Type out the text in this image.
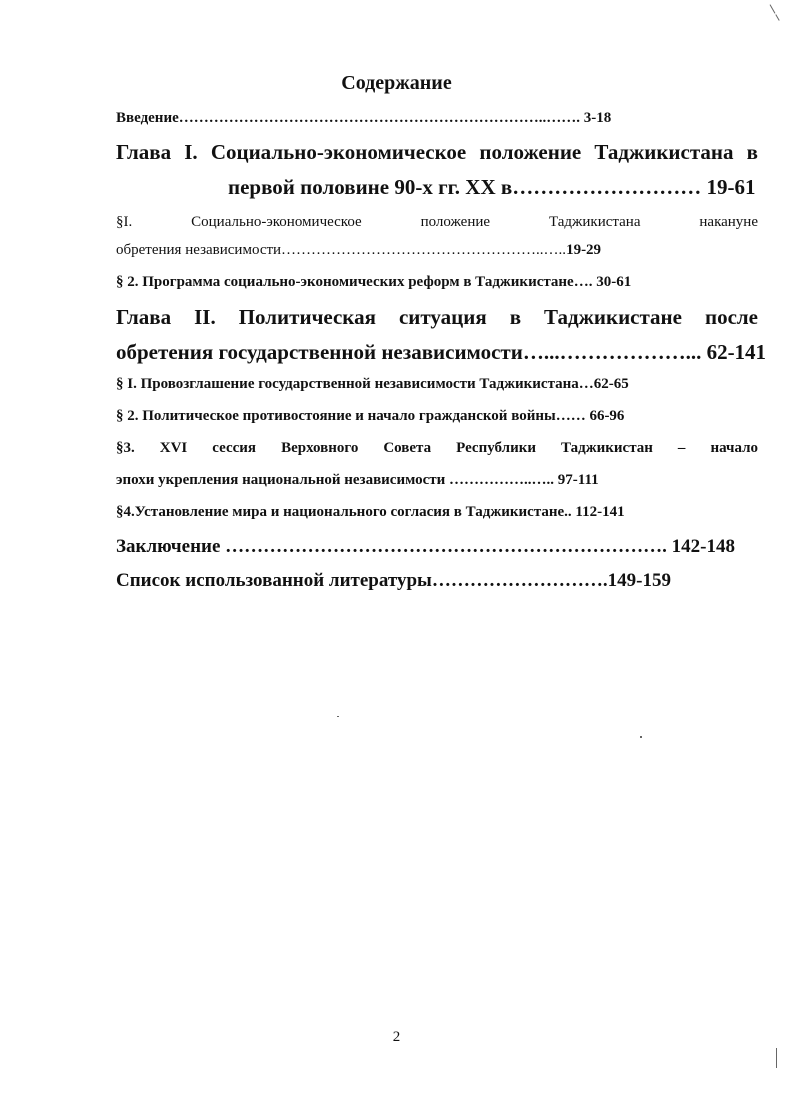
Содержание
Введение………………………………………………………………..……. 3-18
Глава I. Социально-экономическое положение Таджикистана в
первой половине 90-х гг. XX в……………………… 19-61
§I. Социально-экономическое положение Таджикистана накануне
обретения независимости……………………………………………..…..19-29
§ 2. Программа социально-экономических реформ в Таджикистане…. 30-61
Глава II. Политическая ситуация в Таджикистане после
обретения государственной независимости…...………………... 62-141
§ I. Провозглашение государственной независимости Таджикистана…62-65
§ 2. Политическое противостояние и начало гражданской войны…… 66-96
§3. XVI сессия Верховного Совета Республики Таджикистан – начало
эпохи укрепления национальной независимости ……………..….. 97-111
§4.Установление мира и национального согласия в Таджикистане.. 112-141
Заключение ……………………………………………………………. 142-148
Список использованной литературы……………………….149-159
2
